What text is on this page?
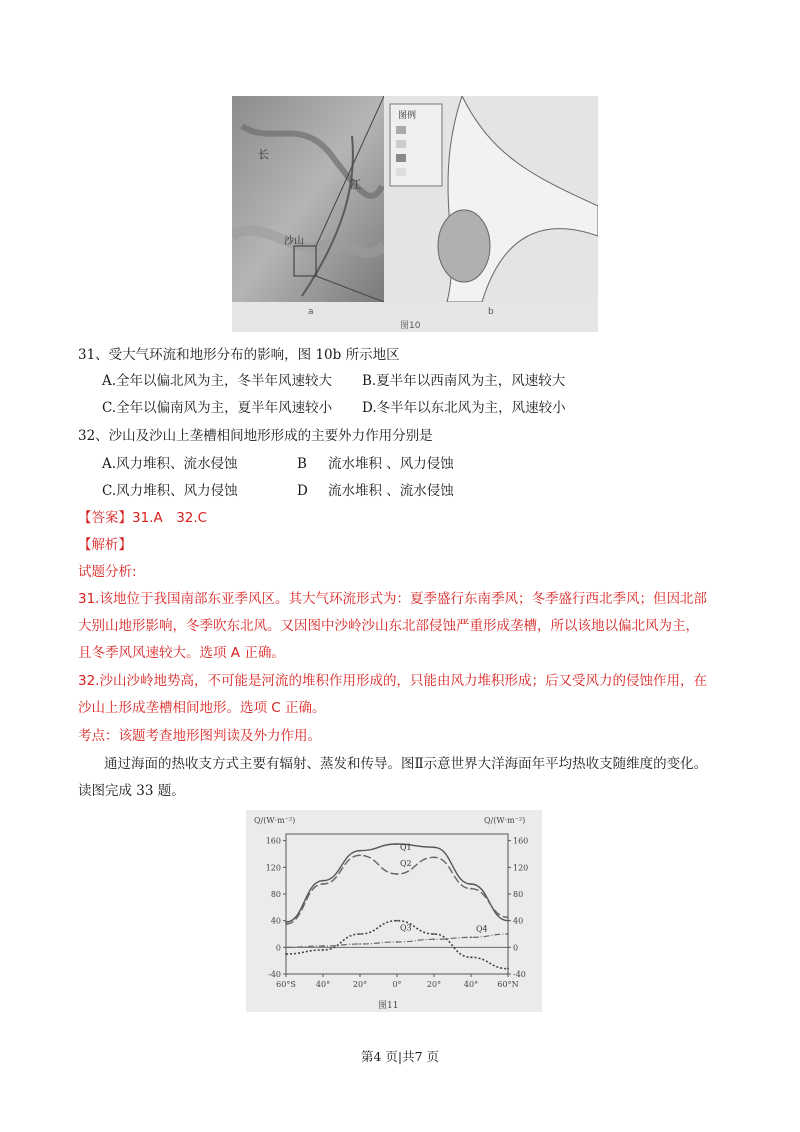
长
江
沙山
图例
a	b
图10
31、受大气环流和地形分布的影响，图 10b 所示地区
A.全年以偏北风为主，冬半年风速较大 B.夏半年以西南风为主，风速较大
C.全年以偏南风为主，夏半年风速较小 D.冬半年以东北风为主，风速较小
32、沙山及沙山上垄槽相间地形形成的主要外力作用分别是
A.风力堆积、流水侵蚀	B 流水堆积 、风力侵蚀
C.风力堆积、风力侵蚀	D 流水堆积 、流水侵蚀
【答案】31.A　32.C
【解析】
试题分析:
31.该地位于我国南部东亚季风区。其大气环流形式为：夏季盛行东南季风；冬季盛行西北季风；但因北部
大别山地形影响，冬季吹东北风。又因图中沙岭沙山东北部侵蚀严重形成垄槽，所以该地以偏北风为主，
且冬季风风速较大。选项 A 正确。
32.沙山沙岭地势高，不可能是河流的堆积作用形成的，只能由风力堆积形成；后又受风力的侵蚀作用，在
沙山上形成垄槽相间地形。选项 C 正确。
考点：该题考查地形图判读及外力作用。
通过海面的热收支方式主要有辐射、蒸发和传导。图Ⅱ示意世界大洋海面年平均热收支随维度的变化。
读图完成 33 题。
Q/(W·m⁻²)	Q/(W·m⁻²)
图11
160	160
120	120
80	80
40	40
0	0
-40	-40
60°S	40°	20°	0°	20°	40° 60°N
Q1
Q2
Q3	Q4
第4 页|共7 页
